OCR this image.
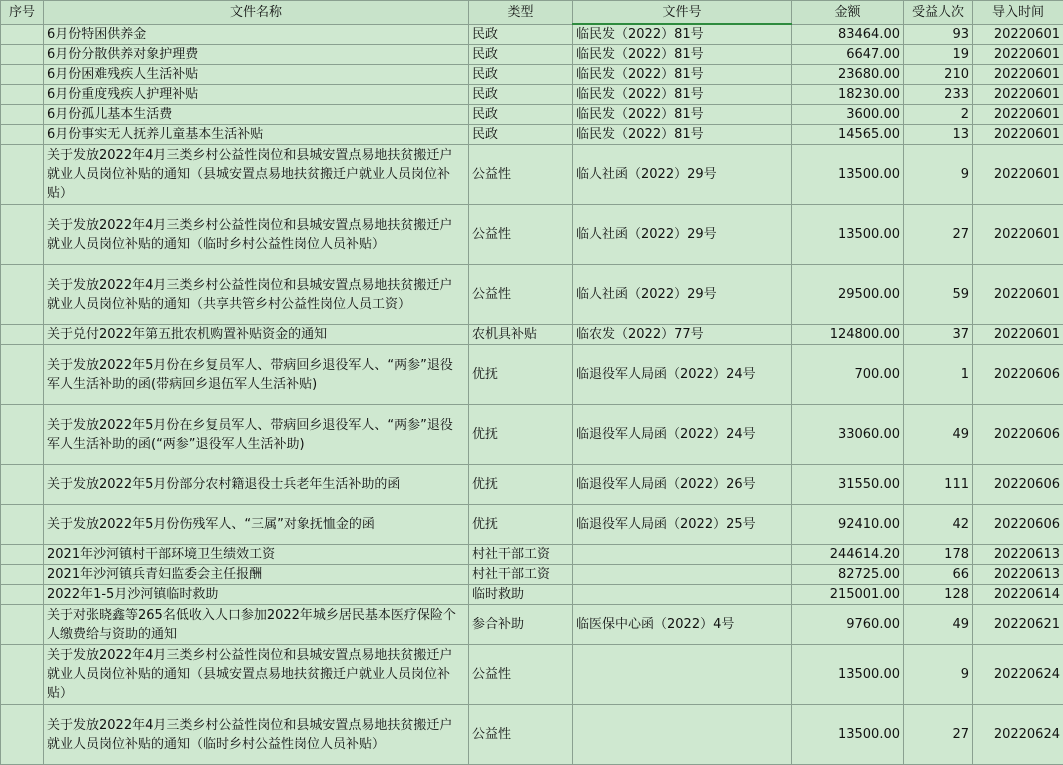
序号	文件名称	类型	文件号	金额	受益人次	导入时间
	6月份特困供养金	民政	临民发（2022）81号	83464.00	93	20220601
	6月份分散供养对象护理费	民政	临民发（2022）81号	6647.00	19	20220601
	6月份困难残疾人生活补贴	民政	临民发（2022）81号	23680.00	210	20220601
	6月份重度残疾人护理补贴	民政	临民发（2022）81号	18230.00	233	20220601
	6月份孤儿基本生活费	民政	临民发（2022）81号	3600.00	2	20220601
	6月份事实无人抚养儿童基本生活补贴	民政	临民发（2022）81号	14565.00	13	20220601
	关于发放2022年4月三类乡村公益性岗位和县城安置点易地扶贫搬迁户就业人员岗位补贴的通知（县城安置点易地扶贫搬迁户就业人员岗位补贴）	公益性	临人社函（2022）29号	13500.00	9	20220601
	关于发放2022年4月三类乡村公益性岗位和县城安置点易地扶贫搬迁户就业人员岗位补贴的通知（临时乡村公益性岗位人员补贴）	公益性	临人社函（2022）29号	13500.00	27	20220601
	关于发放2022年4月三类乡村公益性岗位和县城安置点易地扶贫搬迁户就业人员岗位补贴的通知（共享共管乡村公益性岗位人员工资）	公益性	临人社函（2022）29号	29500.00	59	20220601
	关于兑付2022年第五批农机购置补贴资金的通知	农机具补贴	临农发（2022）77号	124800.00	37	20220601
	关于发放2022年5月份在乡复员军人、带病回乡退役军人、“两参”退役军人生活补助的函(带病回乡退伍军人生活补贴)	优抚	临退役军人局函（2022）24号	700.00	1	20220606
	关于发放2022年5月份在乡复员军人、带病回乡退役军人、“两参”退役军人生活补助的函(“两参”退役军人生活补助)	优抚	临退役军人局函（2022）24号	33060.00	49	20220606
	关于发放2022年5月份部分农村籍退役士兵老年生活补助的函	优抚	临退役军人局函（2022）26号	31550.00	111	20220606
	关于发放2022年5月份伤残军人、“三属”对象抚恤金的函	优抚	临退役军人局函（2022）25号	92410.00	42	20220606
	2021年沙河镇村干部环境卫生绩效工资	村社干部工资		244614.20	178	20220613
	2021年沙河镇兵青妇监委会主任报酬	村社干部工资		82725.00	66	20220613
	2022年1-5月沙河镇临时救助	临时救助		215001.00	128	20220614
	关于对张晓鑫等265名低收入人口参加2022年城乡居民基本医疗保险个人缴费给与资助的通知	参合补助	临医保中心函（2022）4号	9760.00	49	20220621
	关于发放2022年4月三类乡村公益性岗位和县城安置点易地扶贫搬迁户就业人员岗位补贴的通知（县城安置点易地扶贫搬迁户就业人员岗位补贴）	公益性		13500.00	9	20220624
	关于发放2022年4月三类乡村公益性岗位和县城安置点易地扶贫搬迁户就业人员岗位补贴的通知（临时乡村公益性岗位人员补贴）	公益性		13500.00	27	20220624
